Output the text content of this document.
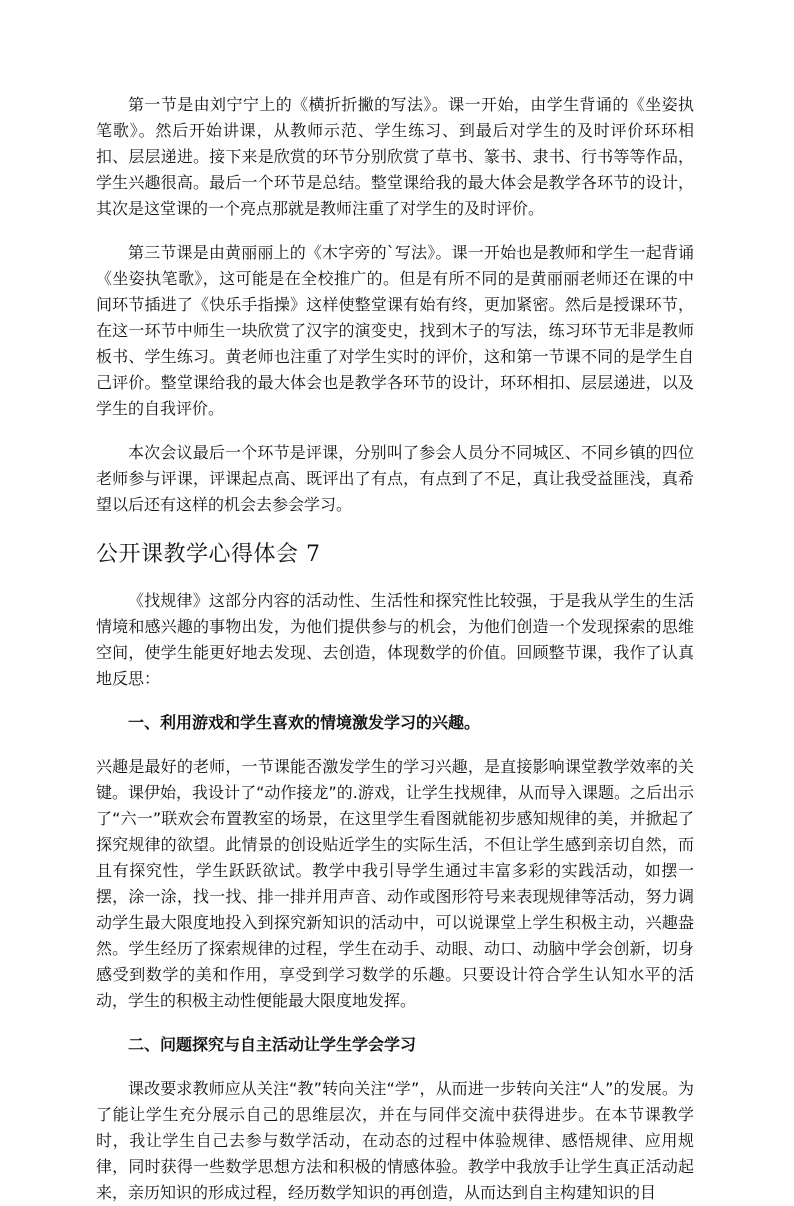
第一节是由刘宁宁上的《横折折撇的写法》。课一开始，由学生背诵的《坐姿执笔歌》。然后开始讲课，从教师示范、学生练习、到最后对学生的及时评价环环相扣、层层递进。接下来是欣赏的环节分别欣赏了草书、篆书、隶书、行书等等作品，学生兴趣很高。最后一个环节是总结。整堂课给我的最大体会是教学各环节的设计，其次是这堂课的一个亮点那就是教师注重了对学生的及时评价。

第三节课是由黄丽丽上的《木字旁的`写法》。课一开始也是教师和学生一起背诵《坐姿执笔歌》，这可能是在全校推广的。但是有所不同的是黄丽丽老师还在课的中间环节插进了《快乐手指操》这样使整堂课有始有终，更加紧密。然后是授课环节，在这一环节中师生一块欣赏了汉字的演变史，找到木子的写法，练习环节无非是教师板书、学生练习。黄老师也注重了对学生实时的评价，这和第一节课不同的是学生自己评价。整堂课给我的最大体会也是教学各环节的设计，环环相扣、层层递进，以及学生的自我评价。

本次会议最后一个环节是评课，分别叫了参会人员分不同城区、不同乡镇的四位老师参与评课，评课起点高、既评出了有点，有点到了不足，真让我受益匪浅，真希望以后还有这样的机会去参会学习。

公开课教学心得体会 7

《找规律》这部分内容的活动性、生活性和探究性比较强，于是我从学生的生活情境和感兴趣的事物出发，为他们提供参与的机会，为他们创造一个发现探索的思维空间，使学生能更好地去发现、去创造，体现数学的价值。回顾整节课，我作了认真地反思：

一、利用游戏和学生喜欢的情境激发学习的兴趣。

兴趣是最好的老师，一节课能否激发学生的学习兴趣，是直接影响课堂教学效率的关键。课伊始，我设计了“动作接龙”的.游戏，让学生找规律，从而导入课题。之后出示了“六一”联欢会布置教室的场景，在这里学生看图就能初步感知规律的美，并掀起了探究规律的欲望。此情景的创设贴近学生的实际生活，不但让学生感到亲切自然，而且有探究性，学生跃跃欲试。教学中我引导学生通过丰富多彩的实践活动，如摆一摆，涂一涂，找一找、排一排并用声音、动作或图形符号来表现规律等活动，努力调动学生最大限度地投入到探究新知识的活动中，可以说课堂上学生积极主动，兴趣盎然。学生经历了探索规律的过程，学生在动手、动眼、动口、动脑中学会创新，切身感受到数学的美和作用，享受到学习数学的乐趣。只要设计符合学生认知水平的活动，学生的积极主动性便能最大限度地发挥。

二、问题探究与自主活动让学生学会学习

课改要求教师应从关注“教”转向关注“学”，从而进一步转向关注“人”的发展。为了能让学生充分展示自己的思维层次，并在与同伴交流中获得进步。在本节课教学时，我让学生自己去参与数学活动，在动态的过程中体验规律、感悟规律、应用规律，同时获得一些数学思想方法和积极的情感体验。教学中我放手让学生真正活动起来，亲历知识的形成过程，经历数学知识的再创造，从而达到自主构建知识的目
